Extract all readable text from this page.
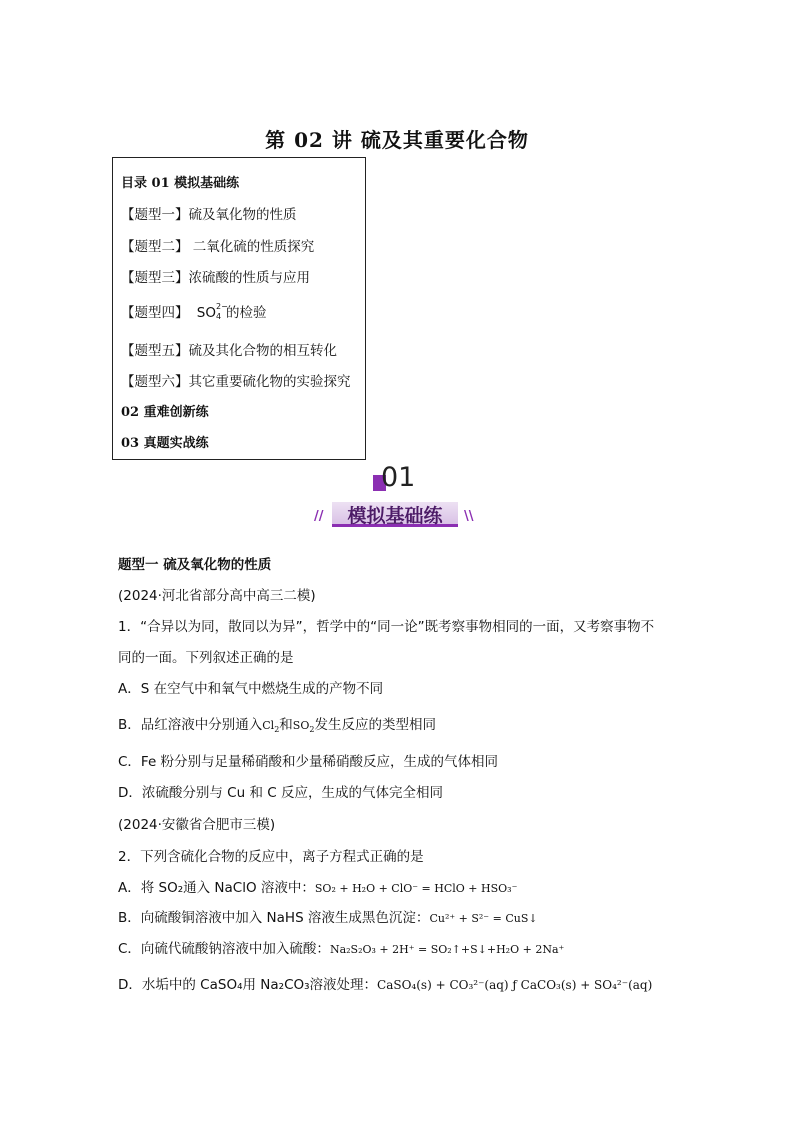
第 02 讲 硫及其重要化合物
目录 01 模拟基础练
【题型一】硫及氧化物的性质
【题型二】 二氧化硫的性质探究
【题型三】浓硫酸的性质与应用
【题型四】 SO 2−
4 的检验
【题型五】硫及其化合物的相互转化
【题型六】其它重要硫化物的实验探究
02 重难创新练
03 真题实战练
01
//	模拟基础练	\\
题型一 硫及氧化物的性质
(2024·河北省部分高中高三二模)
1．“合异以为同，散同以为异”，哲学中的“同一论”既考察事物相同的一面，又考察事物不
同的一面。下列叙述正确的是
A．S 在空气中和氧气中燃烧生成的产物不同
B．品红溶液中分别通入$Cl_2$和$SO_2$发生反应的类型相同
C．Fe 粉分别与足量稀硝酸和少量稀硝酸反应，生成的气体相同
D．浓硫酸分别与 Cu 和 C 反应，生成的气体完全相同
(2024·安徽省合肥市三模)
2．下列含硫化合物的反应中，离子方程式正确的是
A．将 SO₂通入 NaClO 溶液中：SO₂ + H₂O + ClO⁻ = HClO + HSO₃⁻
B．向硫酸铜溶液中加入 NaHS 溶液生成黑色沉淀：Cu²⁺ + S²⁻ = CuS↓
C．向硫代硫酸钠溶液中加入硫酸：Na₂S₂O₃ + 2H⁺ = SO₂↑+S↓+H₂O + 2Na⁺
D．水垢中的 CaSO₄用 Na₂CO₃溶液处理：CaSO₄(s) + CO₃²⁻(aq) ƒ CaCO₃(s) + SO₄²⁻(aq)
